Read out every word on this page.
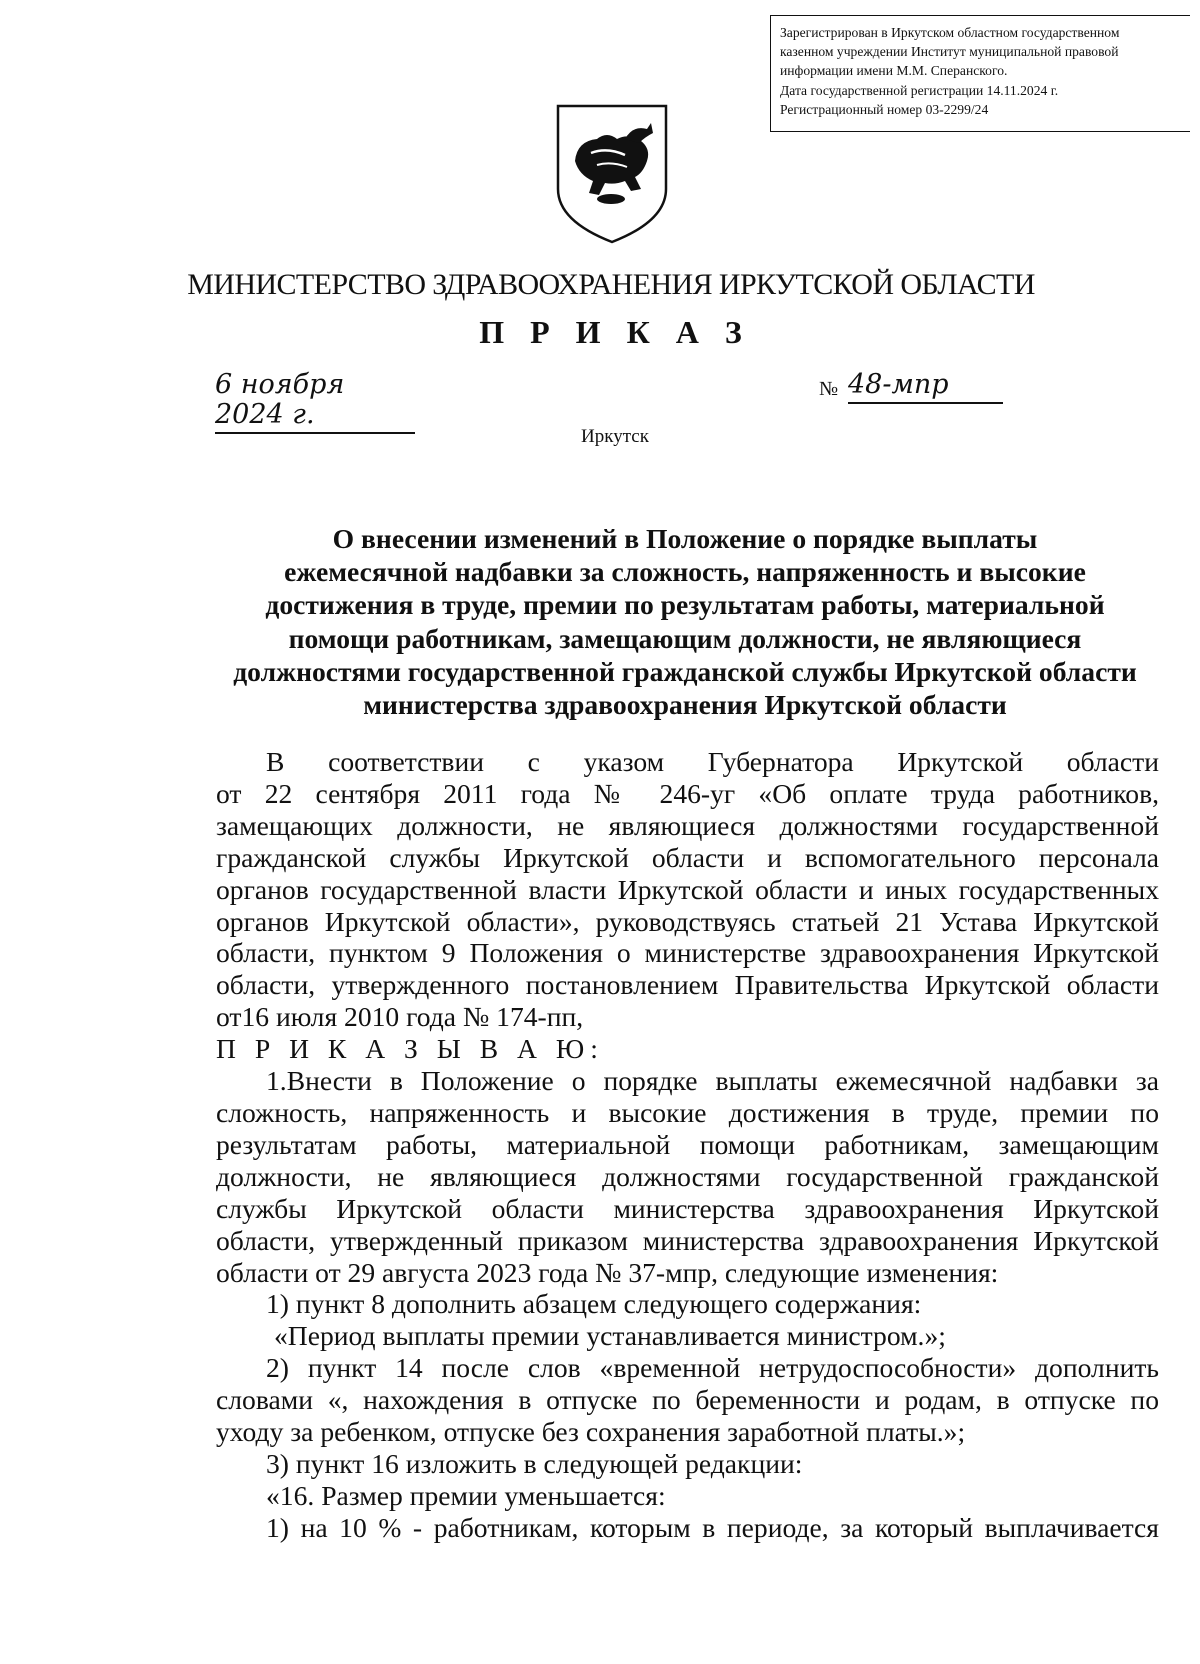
Зарегистрирован в Иркутском областном государственном
казенном учреждении Институт муниципальной правовой
информации имени М.М. Сперанского.
Дата государственной регистрации 14.11.2024 г.
Регистрационный номер 03-2299/24
МИНИСТЕРСТВО ЗДРАВООХРАНЕНИЯ ИРКУТСКОЙ ОБЛАСТИ
П Р И К А З
6 ноября 2024 г.
№ 48-мпр
Иркутск
О внесении изменений в Положение о порядке выплаты
ежемесячной надбавки за сложность, напряженность и высокие
достижения в труде, премии по результатам работы, материальной
помощи работникам, замещающим должности, не являющиеся
должностями государственной гражданской службы Иркутской области
министерства здравоохранения Иркутской области
В соответствии с указом Губернатора Иркутской области
от 22 сентября 2011 года № 246-уг «Об оплате труда работников,
замещающих должности, не являющиеся должностями государственной
гражданской службы Иркутской области и вспомогательного персонала
органов государственной власти Иркутской области и иных государственных
органов Иркутской области», руководствуясь статьей 21 Устава Иркутской
области, пунктом 9 Положения о министерстве здравоохранения Иркутской
области, утвержденного постановлением Правительства Иркутской области
от16 июля 2010 года № 174-пп,
П Р И К А З Ы В А Ю:
1.Внести в Положение о порядке выплаты ежемесячной надбавки за
сложность, напряженность и высокие достижения в труде, премии по
результатам работы, материальной помощи работникам, замещающим
должности, не являющиеся должностями государственной гражданской
службы Иркутской области министерства здравоохранения Иркутской
области, утвержденный приказом министерства здравоохранения Иркутской
области от 29 августа 2023 года № 37-мпр, следующие изменения:
1) пункт 8 дополнить абзацем следующего содержания:
«Период выплаты премии устанавливается министром.»;
2) пункт 14 после слов «временной нетрудоспособности» дополнить
словами «, нахождения в отпуске по беременности и родам, в отпуске по
уходу за ребенком, отпуске без сохранения заработной платы.»;
3) пункт 16 изложить в следующей редакции:
«16. Размер премии уменьшается:
1) на 10 % - работникам, которым в периоде, за который выплачивается
